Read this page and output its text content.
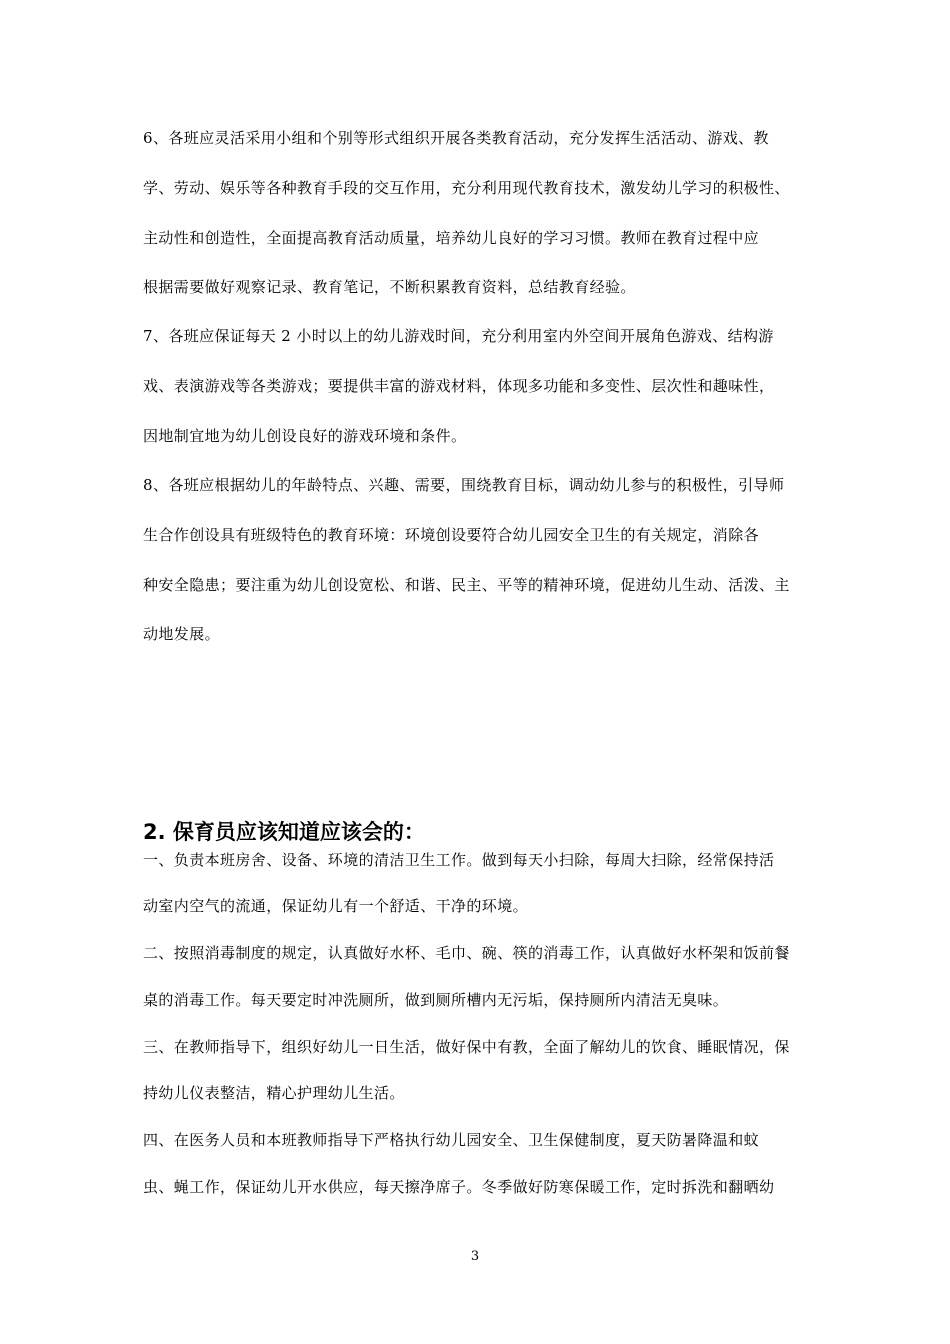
6、各班应灵活采用小组和个别等形式组织开展各类教育活动，充分发挥生活活动、游戏、教
学、劳动、娱乐等各种教育手段的交互作用，充分利用现代教育技术，激发幼儿学习的积极性、
主动性和创造性，全面提高教育活动质量，培养幼儿良好的学习习惯。教师在教育过程中应
根据需要做好观察记录、教育笔记，不断积累教育资料，总结教育经验。
7、各班应保证每天 2 小时以上的幼儿游戏时间，充分利用室内外空间开展角色游戏、结构游
戏、表演游戏等各类游戏；要提供丰富的游戏材料，体现多功能和多变性、层次性和趣味性，
因地制宜地为幼儿创设良好的游戏环境和条件。
8、各班应根据幼儿的年龄特点、兴趣、需要，围绕教育目标，调动幼儿参与的积极性，引导师
生合作创设具有班级特色的教育环境：环境创设要符合幼儿园安全卫生的有关规定，消除各
种安全隐患；要注重为幼儿创设宽松、和谐、民主、平等的精神环境，促进幼儿生动、活泼、主
动地发展。
2. 保育员应该知道应该会的：
一、负责本班房舍、设备、环境的清洁卫生工作。做到每天小扫除，每周大扫除，经常保持活
动室内空气的流通，保证幼儿有一个舒适、干净的环境。
二、按照消毒制度的规定，认真做好水杯、毛巾、碗、筷的消毒工作，认真做好水杯架和饭前餐
桌的消毒工作。每天要定时冲洗厕所，做到厕所槽内无污垢，保持厕所内清洁无臭味。
三、在教师指导下，组织好幼儿一日生活，做好保中有教，全面了解幼儿的饮食、睡眠情况，保
持幼儿仪表整洁，精心护理幼儿生活。
四、在医务人员和本班教师指导下严格执行幼儿园安全、卫生保健制度，夏天防暑降温和蚊
虫、蝇工作，保证幼儿开水供应，每天擦净席子。冬季做好防寒保暖工作，定时拆洗和翻晒幼
3
